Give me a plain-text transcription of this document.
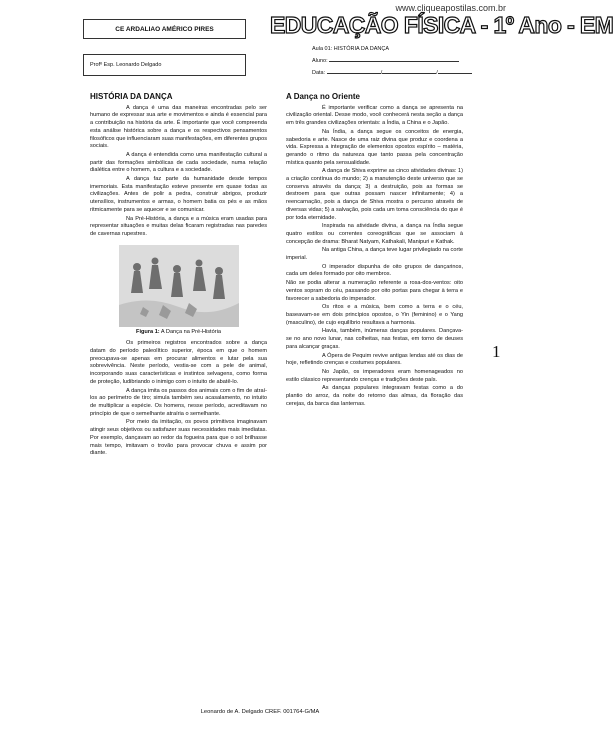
www.cliqueapostilas.com.br
CE ARDALIAO AMÉRICO PIRES
Profº Esp. Leonardo Delgado
EDUCAÇÃO FÍSICA - 1º Ano - EM
Aula 01: HISTÓRIA DA DANÇA
Aluno:
Data:	/	/
HISTÓRIA DA DANÇA

A dança é uma das maneiras encontradas pelo ser humano de expressar sua arte e movimentos e ainda é essencial para a contribuição na história da arte. É importante que você compreenda esta análise histórica sobre a dança e os respectivos pensamentos filosóficos que influenciaram suas manifestações, em diferentes grupos sociais.

A dança é entendida como uma manifestação cultural a partir das formações simbólicas de cada sociedade, numa relação dialética entre o homem, a cultura e a sociedade.

A dança faz parte da humanidade desde tempos imemoriais. Esta manifestação esteve presente em quase todas as civilizações. Antes de polir a pedra, construir abrigos, produzir utensílios, instrumentos e armas, o homem batia os pés e as mãos ritmicamente para se aquecer e se comunicar.

Na Pré-História, a dança e a música eram usadas para representar situações e muitas delas ficaram registradas nas paredes de cavernas rupestres.

Figura 1: A Dança na Pré-História

Os primeiros registros encontrados sobre a dança datam do período paleolítico superior, época em que o homem preocupava-se apenas em procurar alimentos e lutar pela sua sobrevivência. Neste período, vestia-se com a pele de animal, incorporando suas características e instintos selvagens, como forma de proteção, ludibriando o inimigo com o intuito de abatê-lo.

A dança imita os passos dos animais com o fim de atraí-los ao perímetro de tiro; simula também seu acasalamento, no intuito de multiplicar a espécie. Os homens, nesse período, acreditavam no princípio de que o semelhante atraíria o semelhante.

Por meio da imitação, os povos primitivos imaginavam atingir seus objetivos ou satisfazer suas necessidades mais imediatas. Por exemplo, dançavam ao redor da fogueira para que o sol brilhasse mais tempo, imitavam o trovão para provocar chuva e assim por diante.

A Dança no Oriente

É importante verificar como a dança se apresenta na civilização oriental. Desse modo, você conhecerá nesta seção a dança em três grandes civilizações orientais: a Índia, a China e o Japão.

Na Índia, a dança segue os conceitos de energia, sabedoria e arte. Nasce de uma raiz divina que produz e coordena a vida. Expressa a integração de elementos opostos espírito – matéria, gerando o ritmo da natureza que tanto passa pela concentração mística quanto pela sensualidade.

A dança de Shiva exprime as cinco atividades divinas: 1) a criação contínua do mundo; 2) a manutenção deste universo que se conserva através da dança; 3) a destruição, pois as formas se destroem para que outras possam nascer infinitamente; 4) a reencarnação, pois a dança de Shiva mostra o percurso através de diversas vidas; 5) a salvação, pois cada um toma consciência do que é por toda eternidade.

Inspirada na atividade divina, a dança na Índia segue quatro estilos ou correntes coreográficas que se associam à concepção de drama: Bharat Natyam, Kathakali, Manipuri e Kathak.

Na antiga China, a dança teve lugar privilegiado na corte imperial.

O imperador dispunha de oito grupos de dançarinos, cada um deles formado por oito membros.

Não se podia alterar a numeração referente a rosa-dos-ventos: oito ventos sopram do céu, passando por oito portas para chegar à terra e favorecer a sabedoria do imperador.

Os ritos e a música, bem como a terra e o céu, baseavam-se em dois princípios opostos, o Yin (feminino) e o Yang (masculino), de cujo equilíbrio resultava a harmonia.

Havia, também, inúmeras danças populares. Dançava-se no ano novo lunar, nas colheitas, nas festas, em torno de deuses para alcançar graças.

A Ópera de Pequim revive antigas lendas até os dias de hoje, refletindo crenças e costumes populares.

No Japão, os imperadores eram homenageados no estilo clássico representando crenças e tradições deste país.

As danças populares integravam festas como a do plantio do arroz, da noite do retorno das almas, da floração das cerejas, da barca das lanternas.

1
Leonardo de A. Delgado CREF. 001764-G/MA
